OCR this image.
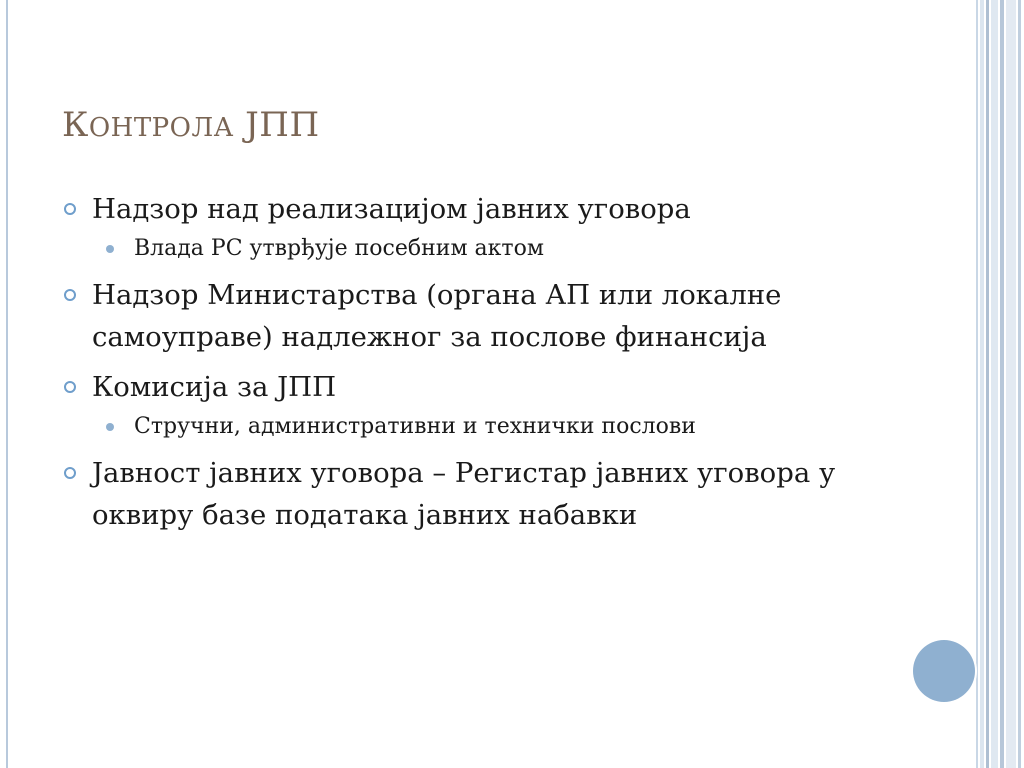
КОНТРОЛА ЈПП
Надзор над реализацијом јавних уговора
Влада РС утврђује посебним актом
Надзор Министарства (органа АП или локалне самоуправе) надлежног за послове финансија
Комисија за ЈПП
Стручни, административни и технички послови
Јавност јавних уговора – Регистар јавних уговора у оквиру базе података јавних набавки
